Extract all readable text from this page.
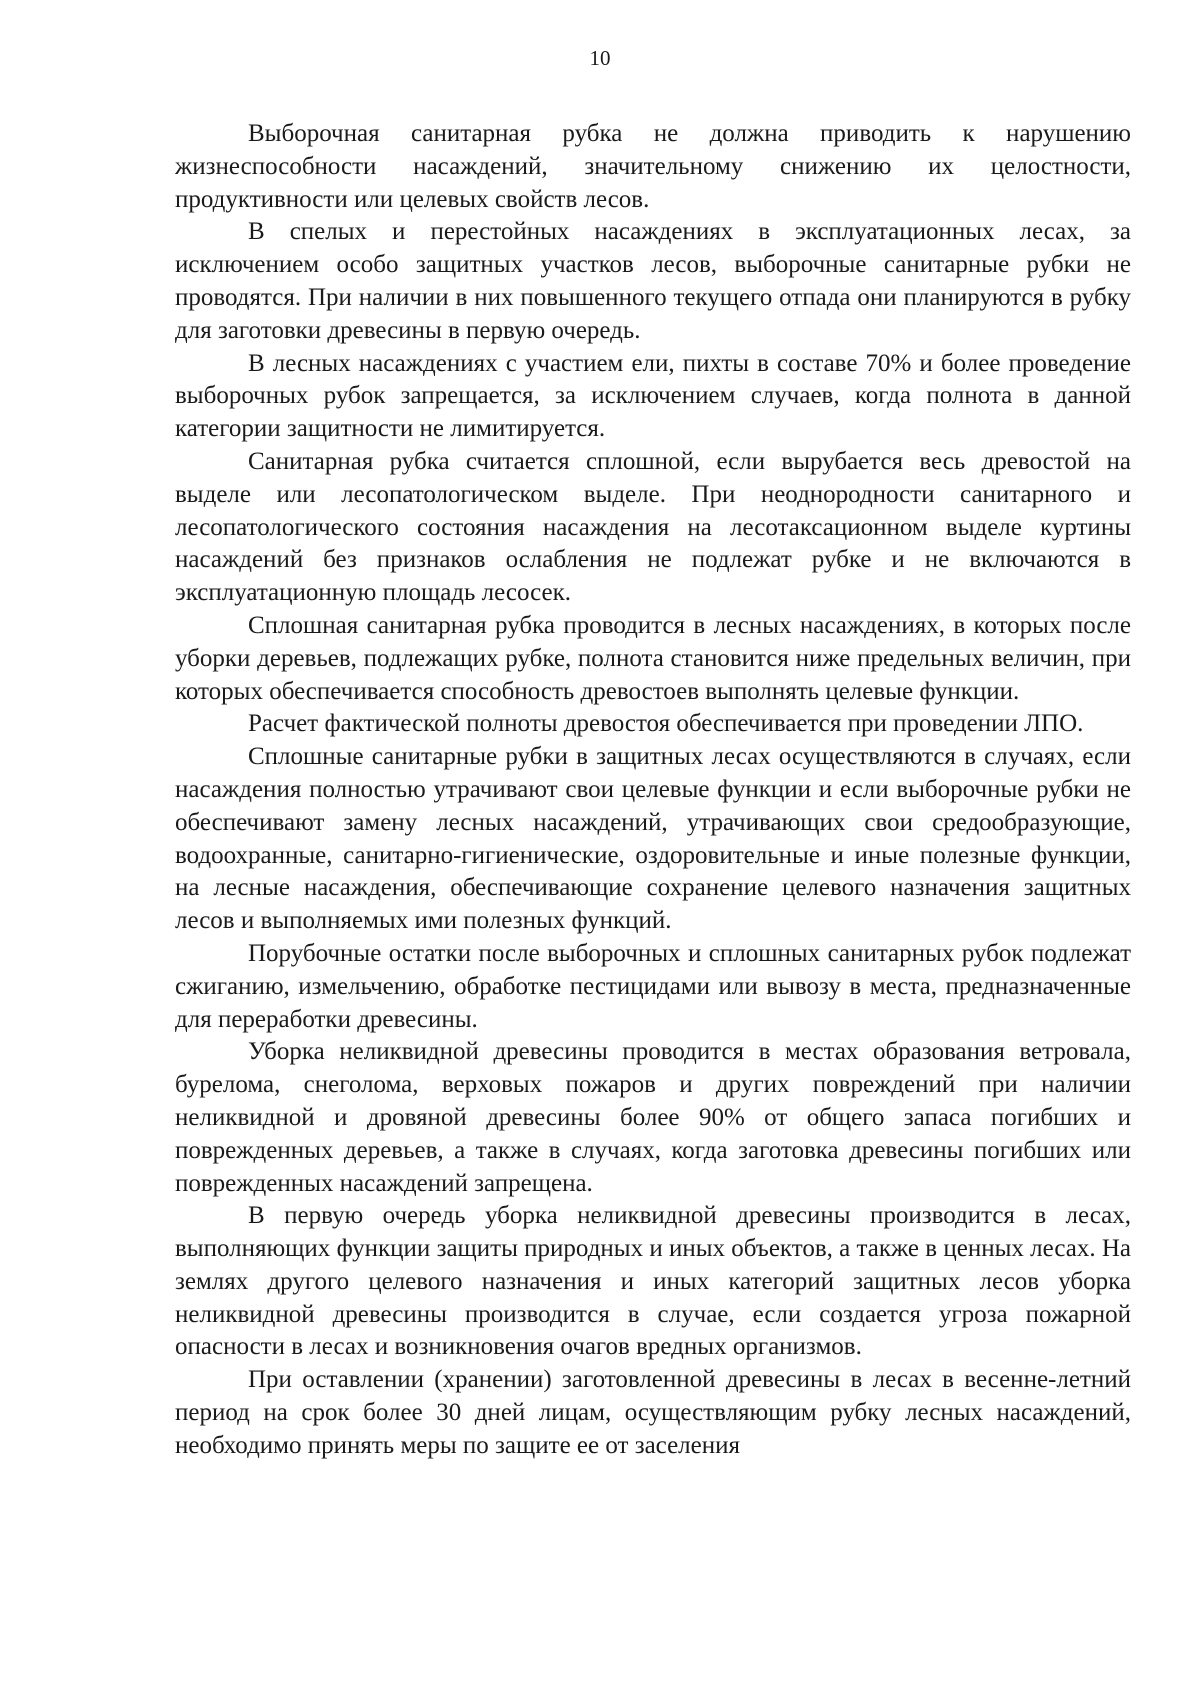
10

Выборочная санитарная рубка не должна приводить к нарушению жизнеспособности насаждений, значительному снижению их целостности, продуктивности или целевых свойств лесов.

В спелых и перестойных насаждениях в эксплуатационных лесах, за исключением особо защитных участков лесов, выборочные санитарные рубки не проводятся. При наличии в них повышенного текущего отпада они планируются в рубку для заготовки древесины в первую очередь.

В лесных насаждениях с участием ели, пихты в составе 70% и более проведение выборочных рубок запрещается, за исключением случаев, когда полнота в данной категории защитности не лимитируется.

Санитарная рубка считается сплошной, если вырубается весь древостой на выделе или лесопатологическом выделе. При неоднородности санитарного и лесопатологического состояния насаждения на лесотаксационном выделе куртины насаждений без признаков ослабления не подлежат рубке и не включаются в эксплуатационную площадь лесосек.

Сплошная санитарная рубка проводится в лесных насаждениях, в которых после уборки деревьев, подлежащих рубке, полнота становится ниже предельных величин, при которых обеспечивается способность древостоев выполнять целевые функции.

Расчет фактической полноты древостоя обеспечивается при проведении ЛПО.

Сплошные санитарные рубки в защитных лесах осуществляются в случаях, если насаждения полностью утрачивают свои целевые функции и если выборочные рубки не обеспечивают замену лесных насаждений, утрачивающих свои средообразующие, водоохранные, санитарно-гигиенические, оздоровительные и иные полезные функции, на лесные насаждения, обеспечивающие сохранение целевого назначения защитных лесов и выполняемых ими полезных функций.

Порубочные остатки после выборочных и сплошных санитарных рубок подлежат сжиганию, измельчению, обработке пестицидами или вывозу в места, предназначенные для переработки древесины.

Уборка неликвидной древесины проводится в местах образования ветровала, бурелома, снеголома, верховых пожаров и других повреждений при наличии неликвидной и дровяной древесины более 90% от общего запаса погибших и поврежденных деревьев, а также в случаях, когда заготовка древесины погибших или поврежденных насаждений запрещена.

В первую очередь уборка неликвидной древесины производится в лесах, выполняющих функции защиты природных и иных объектов, а также в ценных лесах. На землях другого целевого назначения и иных категорий защитных лесов уборка неликвидной древесины производится в случае, если создается угроза пожарной опасности в лесах и возникновения очагов вредных организмов.

При оставлении (хранении) заготовленной древесины в лесах в весенне-летний период на срок более 30 дней лицам, осуществляющим рубку лесных насаждений, необходимо принять меры по защите ее от заселения
